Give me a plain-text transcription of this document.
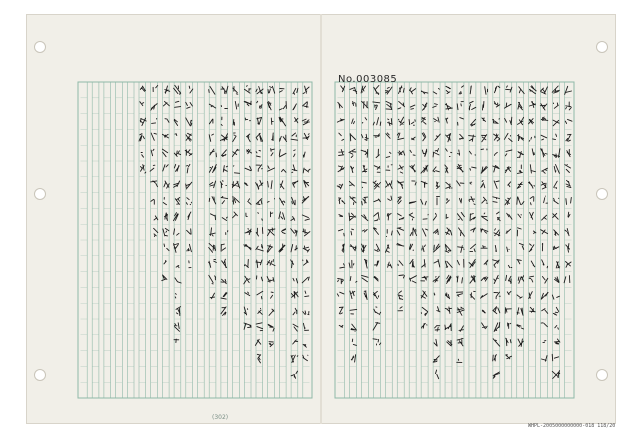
No.003085
(302)
WHPL-2005000000000-018 118/20
